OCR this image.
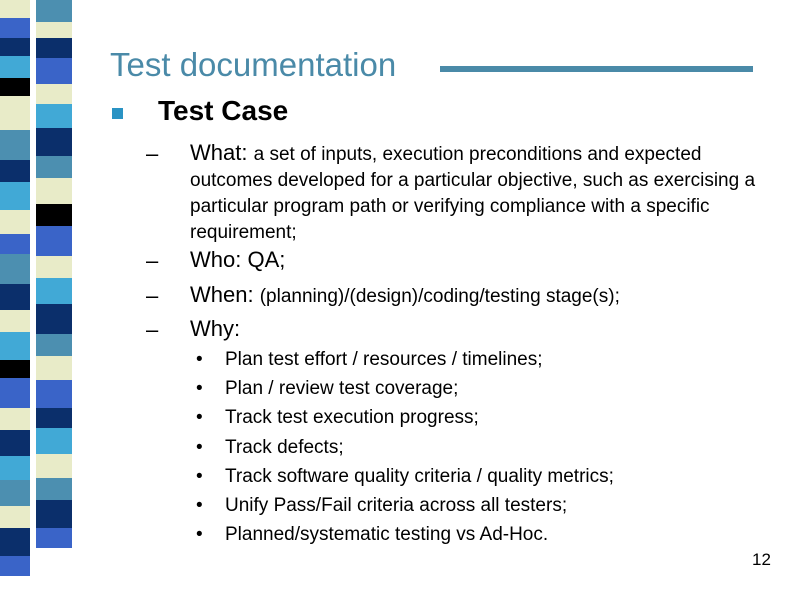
Test documentation
Test Case
– What: a set of inputs, execution preconditions and expected outcomes developed for a particular objective, such as exercising a particular program path or verifying compliance with a specific requirement;
– Who: QA;
– When: (planning)/(design)/coding/testing stage(s);
– Why:
• Plan test effort / resources / timelines;
• Plan / review test coverage;
• Track test execution progress;
• Track defects;
• Track software quality criteria / quality metrics;
• Unify Pass/Fail criteria across all testers;
• Planned/systematic testing vs Ad-Hoc.
12
